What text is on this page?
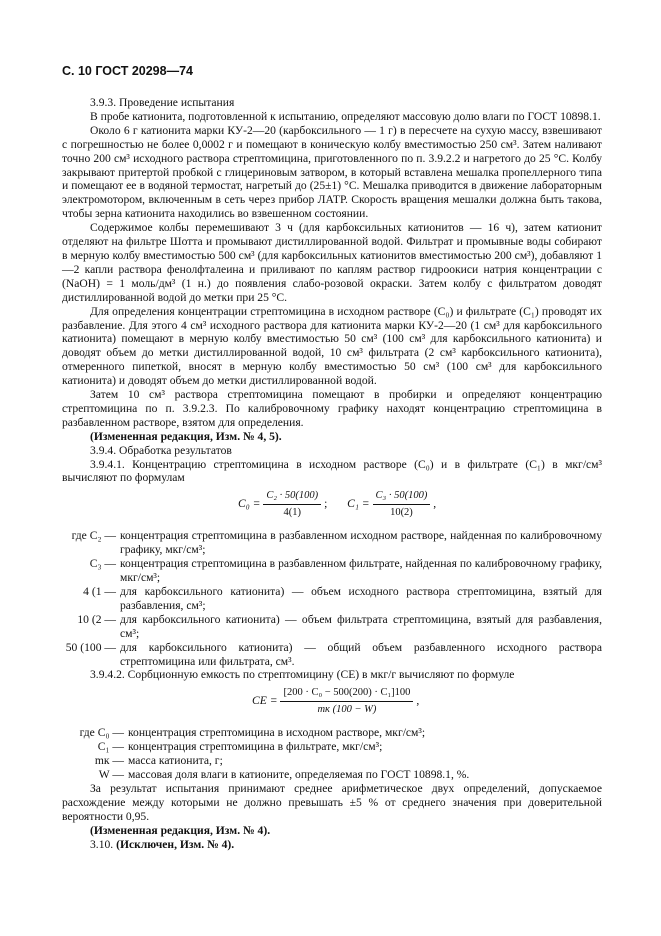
С. 10 ГОСТ 20298—74

3.9.3. Проведение испытания

В пробе катионита, подготовленной к испытанию, определяют массовую долю влаги по ГОСТ 10898.1.

Около 6 г катионита марки КУ-2—20 (карбоксильного — 1 г) в пересчете на сухую массу, взвешивают с погрешностью не более 0,0002 г и помещают в коническую колбу вместимостью 250 см³. Затем наливают точно 200 см³ исходного раствора стрептомицина, приготовленного по п. 3.9.2.2 и нагретого до 25 °С. Колбу закрывают притертой пробкой с глицериновым затвором, в который вставлена мешалка пропеллерного типа и помещают ее в водяной термостат, нагретый до (25±1) °С. Мешалка приводится в движение лабораторным электромотором, включенным в сеть через прибор ЛАТР. Скорость вращения мешалки должна быть такова, чтобы зерна катионита находились во взвешенном состоянии.

Содержимое колбы перемешивают 3 ч (для карбоксильных катионитов — 16 ч), затем катионит отделяют на фильтре Шотта и промывают дистиллированной водой. Фильтрат и промывные воды собирают в мерную колбу вместимостью 500 см³ (для карбоксильных катионитов вместимостью 200 см³), добавляют 1—2 капли раствора фенолфталеина и приливают по каплям раствор гидроокиси натрия концентрации c (NaOH) = 1 моль/дм³ (1 н.) до появления слабо-розовой окраски. Затем колбу с фильтратом доводят дистиллированной водой до метки при 25 °С.

Для определения концентрации стрептомицина в исходном растворе (C₀) и фильтрате (C₁) проводят их разбавление. Для этого 4 см³ исходного раствора для катионита марки КУ-2—20 (1 см³ для карбоксильного катионита) помещают в мерную колбу вместимостью 50 см³ (100 см³ для карбоксильного катионита) и доводят объем до метки дистиллированной водой, 10 см³ фильтрата (2 см³ карбоксильного катионита), отмеренного пипеткой, вносят в мерную колбу вместимостью 50 см³ (100 см³ для карбоксильного катионита) и доводят объем до метки дистиллированной водой.

Затем 10 см³ раствора стрептомицина помещают в пробирки и определяют концентрацию стрептомицина по п. 3.9.2.3. По калибровочному графику находят концентрацию стрептомицина в разбавленном растворе, взятом для определения.

(Измененная редакция, Изм. № 4, 5).

3.9.4. Обработка результатов

3.9.4.1. Концентрацию стрептомицина в исходном растворе (C₀) и в фильтрате (C₁) в мкг/см³ вычисляют по формулам

$C_0 = \frac{\text{C₂ · 50(100)}}{4(1)}$ ; $C_1 = \frac{\text{C₃ · 50(100)}}{10(2)}$ ,
где C₂ — концентрация стрептомицина в разбавленном исходном растворе, найденная по калибровочному графику, мкг/см³;
C₃ — концентрация стрептомицина в разбавленном фильтрате, найденная по калибровочному графику, мкг/см³;
4 (1 — для карбоксильного катионита) — объем исходного раствора стрептомицина, взятый для разбавления, см³;
10 (2 — для карбоксильного катионита) — объем фильтрата стрептомицина, взятый для разбавления, см³;
50 (100 — для карбоксильного катионита) — общий объем разбавленного исходного раствора стрептомицина или фильтрата, см³.

3.9.4.2. Сорбционную емкость по стрептомицину (CE) в мкг/г вычисляют по формуле

CE = $\frac{\text{[200 · C₀ − 500(200) · C₁]100}}{mк (100 - W)}$ ,
где C₀ — концентрация стрептомицина в исходном растворе, мкг/см³;
C₁ — концентрация стрептомицина в фильтрате, мкг/см³;
mк — масса катионита, г;
W — массовая доля влаги в катионите, определяемая по ГОСТ 10898.1, %.

За результат испытания принимают среднее арифметическое двух определений, допускаемое расхождение между которыми не должно превышать ±5 % от среднего значения при доверительной вероятности 0,95.

(Измененная редакция, Изм. № 4).

3.10. (Исключен, Изм. № 4).
